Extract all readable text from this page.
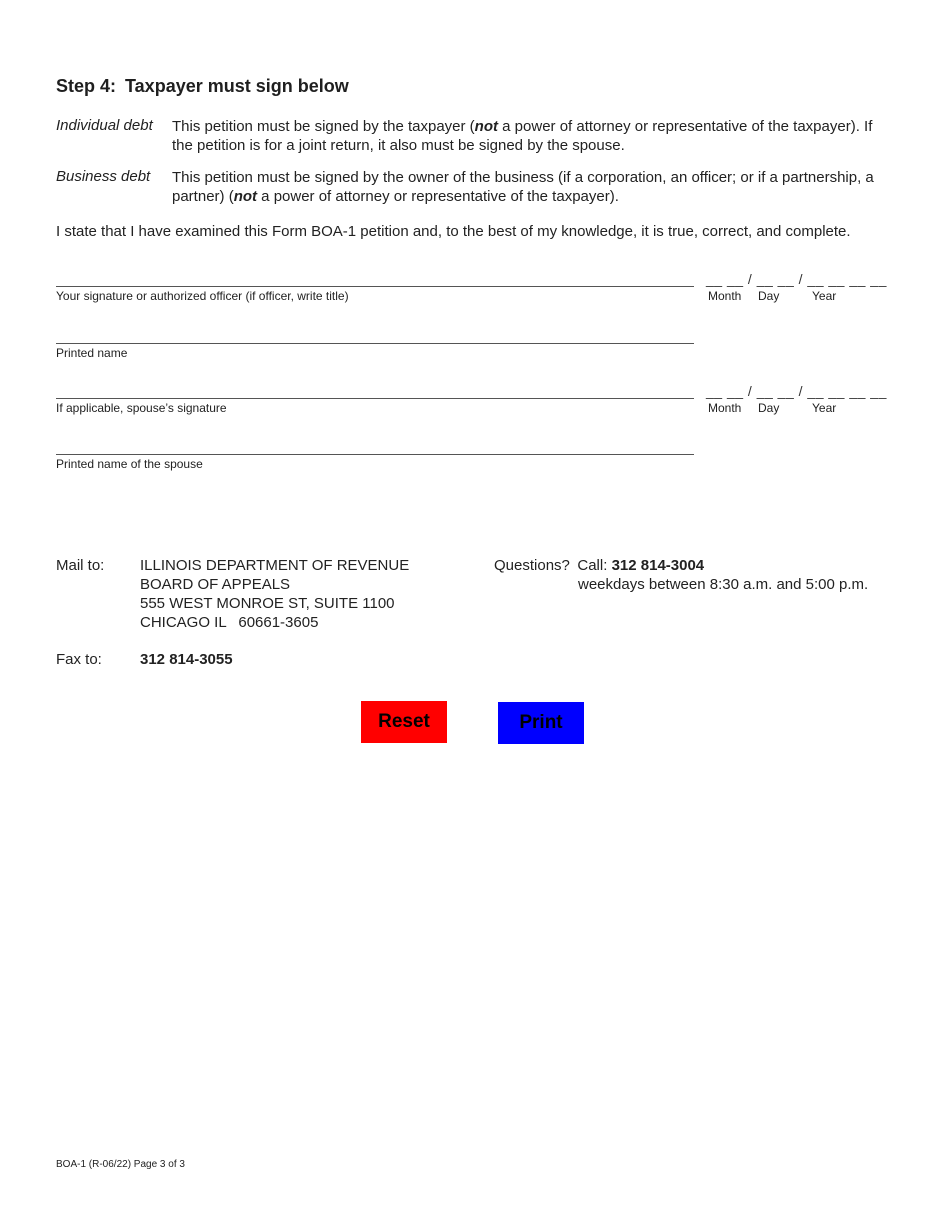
Step 4: Taxpayer must sign below
Individual debt This petition must be signed by the taxpayer (not a power of attorney or representative of the taxpayer). If the petition is for a joint return, it also must be signed by the spouse.
Business debt This petition must be signed by the owner of the business (if a corporation, an officer; or if a partnership, a partner) (not a power of attorney or representative of the taxpayer).
I state that I have examined this Form BOA-1 petition and, to the best of my knowledge, it is true, correct, and complete.
Your signature or authorized officer (if officer, write title)
__ __ / __ __ / __ __ __ __
Month Day	Year
Printed name
If applicable, spouse’s signature
__ __ / __ __ / __ __ __ __
Month Day	Year
Printed name of the spouse
Mail to: ILLINOIS DEPARTMENT OF REVENUE
BOARD OF APPEALS
555 WEST MONROE ST, SUITE 1100
CHICAGO IL  60661-3605
Questions? Call: 312 814-3004
weekdays between 8:30 a.m. and 5:00 p.m.
Fax to:	312 814-3055
Reset	Print
BOA-1 (R-06/22) Page 3 of 3
